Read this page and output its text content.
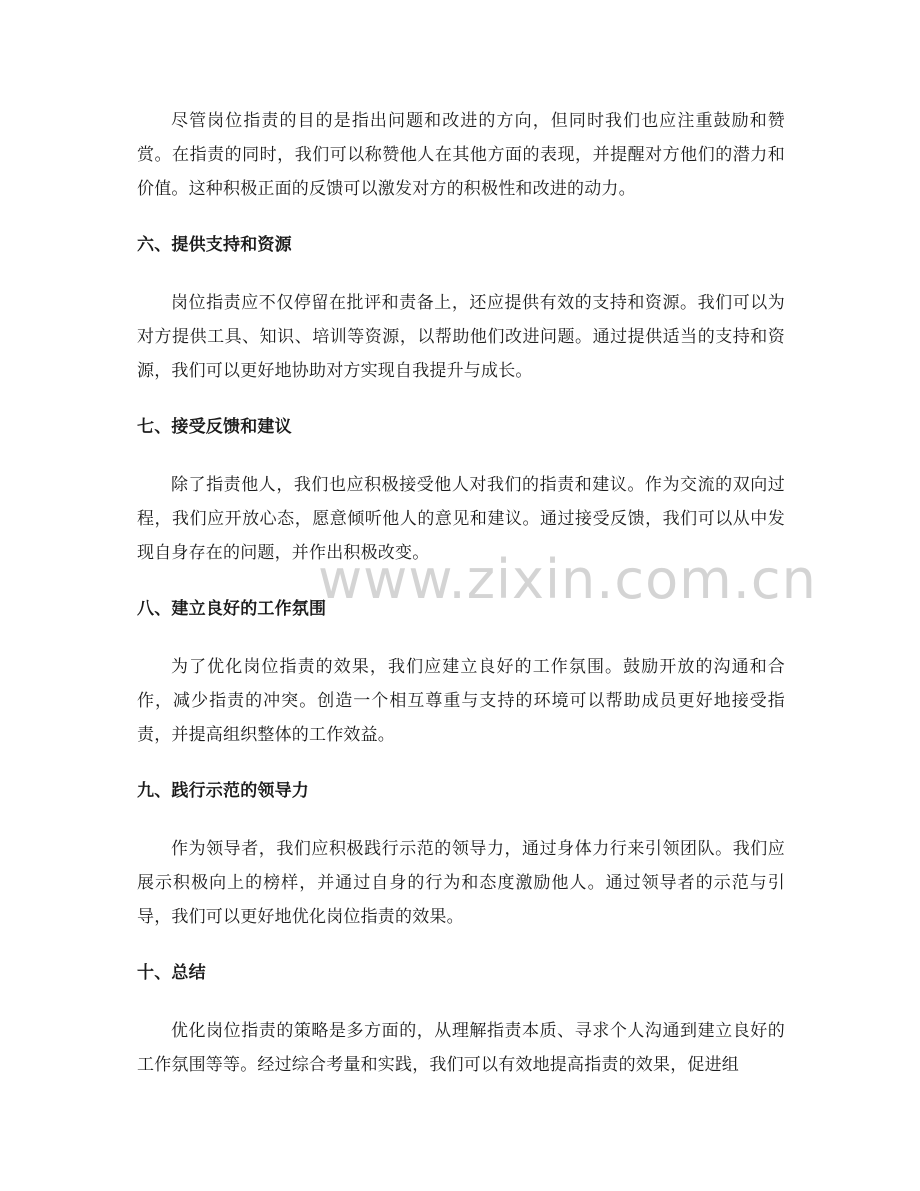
尽管岗位指责的目的是指出问题和改进的方向，但同时我们也应注重鼓励和赞赏。在指责的同时，我们可以称赞他人在其他方面的表现，并提醒对方他们的潜力和价值。这种积极正面的反馈可以激发对方的积极性和改进的动力。

六、提供支持和资源

岗位指责应不仅停留在批评和责备上，还应提供有效的支持和资源。我们可以为对方提供工具、知识、培训等资源，以帮助他们改进问题。通过提供适当的支持和资源，我们可以更好地协助对方实现自我提升与成长。

七、接受反馈和建议

除了指责他人，我们也应积极接受他人对我们的指责和建议。作为交流的双向过程，我们应开放心态，愿意倾听他人的意见和建议。通过接受反馈，我们可以从中发现自身存在的问题，并作出积极改变。

八、建立良好的工作氛围

为了优化岗位指责的效果，我们应建立良好的工作氛围。鼓励开放的沟通和合作，减少指责的冲突。创造一个相互尊重与支持的环境可以帮助成员更好地接受指责，并提高组织整体的工作效益。

九、践行示范的领导力

作为领导者，我们应积极践行示范的领导力，通过身体力行来引领团队。我们应展示积极向上的榜样，并通过自身的行为和态度激励他人。通过领导者的示范与引导，我们可以更好地优化岗位指责的效果。

十、总结

优化岗位指责的策略是多方面的，从理解指责本质、寻求个人沟通到建立良好的工作氛围等等。经过综合考量和实践，我们可以有效地提高指责的效果，促进组

www.zixin.com.cn
